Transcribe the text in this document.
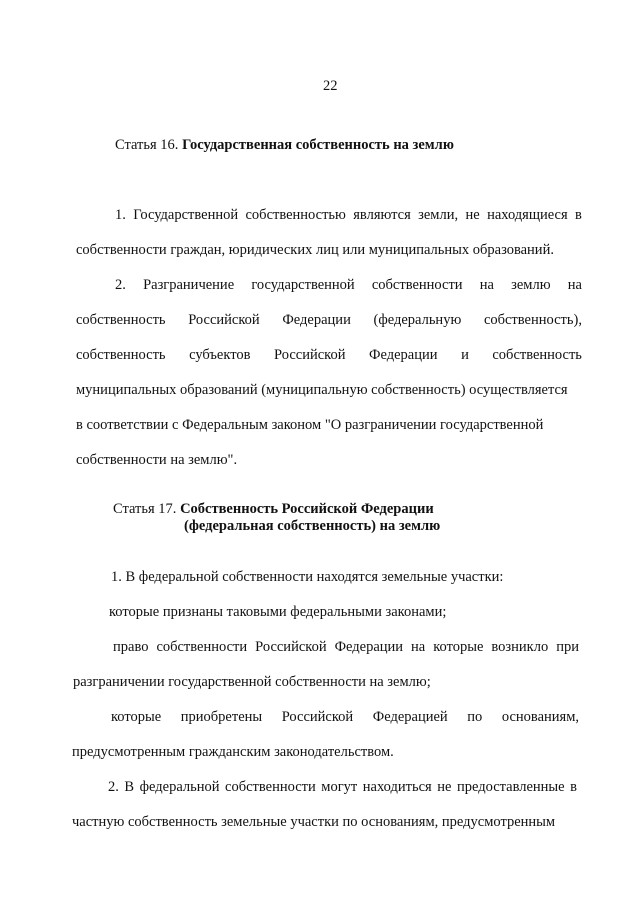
22
Статья 16. Государственная собственность на землю
1. Государственной собственностью являются земли, не находящиеся в
собственности граждан, юридических лиц или муниципальных образований.
2. Разграничение государственной собственности на землю на
собственность Российской Федерации (федеральную собственность),
собственность субъектов Российской Федерации и собственность
муниципальных образований (муниципальную собственность) осуществляется
в соответствии с Федеральным законом "О разграничении государственной
собственности на землю".
Статья 17. Собственность Российской Федерации
(федеральная собственность) на землю
1. В федеральной собственности находятся земельные участки:
которые признаны таковыми федеральными законами;
право собственности Российской Федерации на которые возникло при
разграничении государственной собственности на землю;
которые приобретены Российской Федерацией по основаниям,
предусмотренным гражданским законодательством.
2. В федеральной собственности могут находиться не предоставленные в
частную собственность земельные участки по основаниям, предусмотренным
